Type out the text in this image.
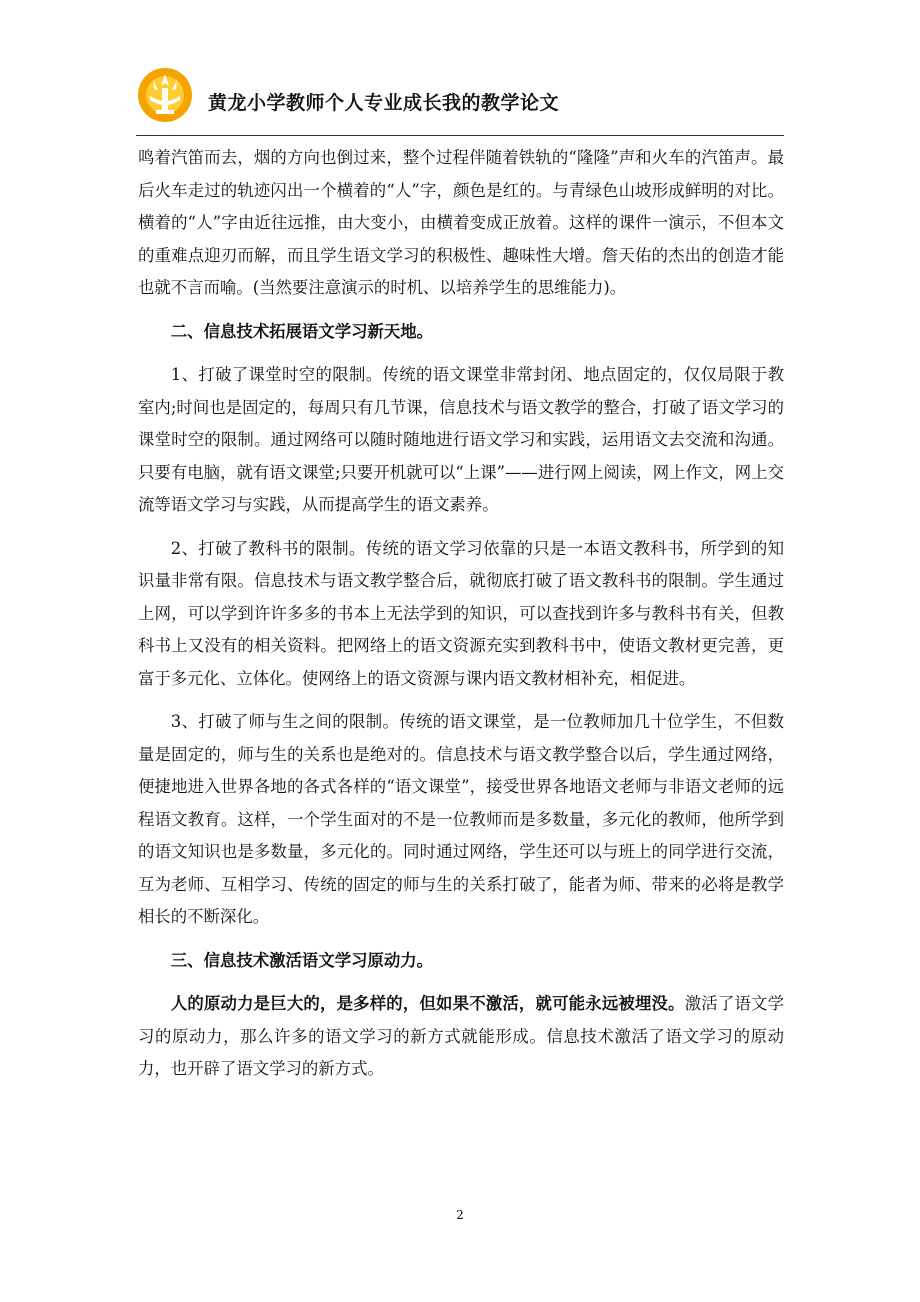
黄龙小学教师个人专业成长我的教学论文

鸣着汽笛而去，烟的方向也倒过来，整个过程伴随着铁轨的“隆隆”声和火车的汽笛声。最后火车走过的轨迹闪出一个横着的“人”字，颜色是红的。与青绿色山坡形成鲜明的对比。横着的“人”字由近往远推，由大变小，由横着变成正放着。这样的课件一演示，不但本文的重难点迎刃而解，而且学生语文学习的积极性、趣味性大增。詹天佑的杰出的创造才能也就不言而喻。(当然要注意演示的时机、以培养学生的思维能力)。

二、信息技术拓展语文学习新天地。

1、打破了课堂时空的限制。传统的语文课堂非常封闭、地点固定的，仅仅局限于教室内;时间也是固定的，每周只有几节课，信息技术与语文教学的整合，打破了语文学习的课堂时空的限制。通过网络可以随时随地进行语文学习和实践，运用语文去交流和沟通。只要有电脑，就有语文课堂;只要开机就可以“上课”——进行网上阅读，网上作文，网上交流等语文学习与实践，从而提高学生的语文素养。

2、打破了教科书的限制。传统的语文学习依靠的只是一本语文教科书，所学到的知识量非常有限。信息技术与语文教学整合后，就彻底打破了语文教科书的限制。学生通过上网，可以学到许许多多的书本上无法学到的知识，可以查找到许多与教科书有关，但教科书上又没有的相关资料。把网络上的语文资源充实到教科书中，使语文教材更完善，更富于多元化、立体化。使网络上的语文资源与课内语文教材相补充，相促进。

3、打破了师与生之间的限制。传统的语文课堂，是一位教师加几十位学生，不但数量是固定的，师与生的关系也是绝对的。信息技术与语文教学整合以后，学生通过网络，便捷地进入世界各地的各式各样的“语文课堂”，接受世界各地语文老师与非语文老师的远程语文教育。这样，一个学生面对的不是一位教师而是多数量，多元化的教师，他所学到的语文知识也是多数量，多元化的。同时通过网络，学生还可以与班上的同学进行交流，互为老师、互相学习、传统的固定的师与生的关系打破了，能者为师、带来的必将是教学相长的不断深化。

三、信息技术激活语文学习原动力。

人的原动力是巨大的，是多样的，但如果不激活，就可能永远被埋没。激活了语文学习的原动力，那么许多的语文学习的新方式就能形成。信息技术激活了语文学习的原动力，也开辟了语文学习的新方式。

2
